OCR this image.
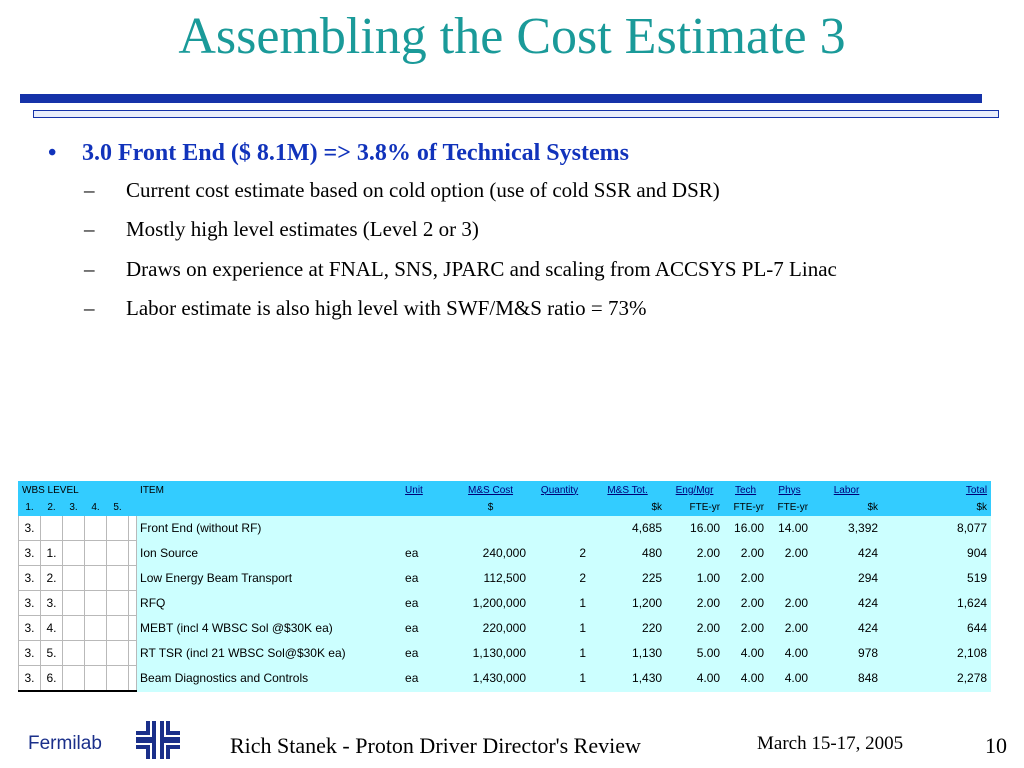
Assembling the Cost Estimate 3
•	3.0 Front End ($ 8.1M) => 3.8% of Technical Systems
–	Current cost estimate based on cold option (use of cold SSR and DSR)
–	Mostly high level estimates (Level 2 or 3)
–	Draws on experience at FNAL, SNS, JPARC and scaling from ACCSYS PL-7 Linac
–	Labor estimate is also high level with SWF/M&S ratio = 73%
WBS LEVEL						ITEM	Unit	M&S Cost	Quantity	M&S Tot.	Eng/Mgr	Tech	Phys	Labor	Total
1.	2.	3.	4.	5.				$		$k	FTE-yr	FTE-yr	FTE-yr	$k	$k
3.						Front End (without RF)				4,685	16.00	16.00	14.00	3,392	8,077
3.	1.					Ion Source	ea	240,000	2	480	2.00	2.00	2.00	424	904
3.	2.					Low Energy Beam Transport	ea	112,500	2	225	1.00	2.00		294	519
3.	3.					RFQ	ea	1,200,000	1	1,200	2.00	2.00	2.00	424	1,624
3.	4.					MEBT (incl 4 WBSC Sol @$30K ea)	ea	220,000	1	220	2.00	2.00	2.00	424	644
3.	5.					RT TSR (incl 21 WBSC Sol@$30K ea)	ea	1,130,000	1	1,130	5.00	4.00	4.00	978	2,108
3.	6.					Beam Diagnostics and Controls	ea	1,430,000	1	1,430	4.00	4.00	4.00	848	2,278
Fermilab	Rich Stanek - Proton Driver Director's Review	March 15-17, 2005	10
